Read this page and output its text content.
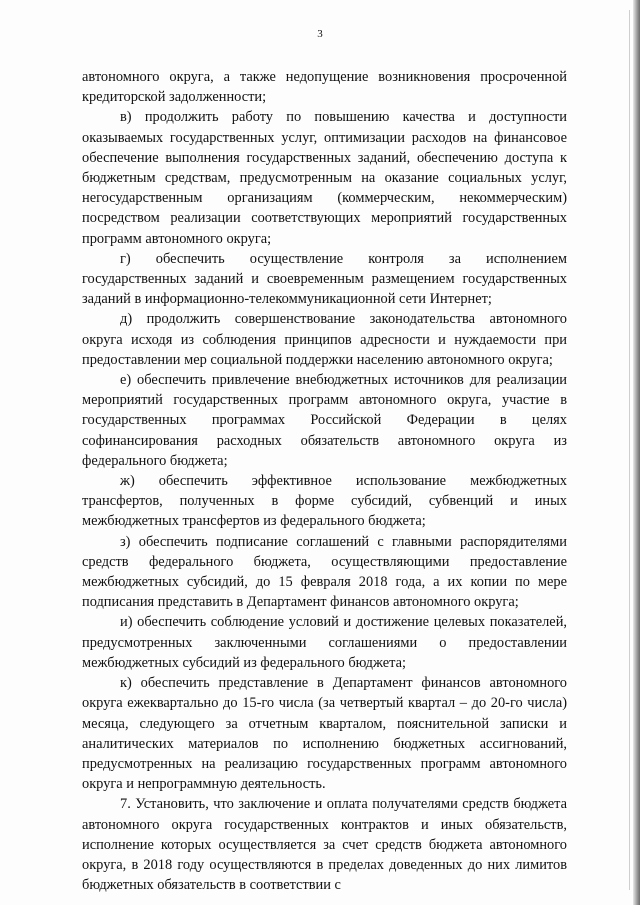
3

автономного округа, а также недопущение возникновения просроченной кредиторской задолженности;

в) продолжить работу по повышению качества и доступности оказываемых государственных услуг, оптимизации расходов на финансовое обеспечение выполнения государственных заданий, обеспечению доступа к бюджетным средствам, предусмотренным на оказание социальных услуг, негосударственным организациям (коммерческим, некоммерческим) посредством реализации соответствующих мероприятий государственных программ автономного округа;

г) обеспечить осуществление контроля за исполнением государственных заданий и своевременным размещением государственных заданий в информационно-телекоммуникационной сети Интернет;

д) продолжить совершенствование законодательства автономного округа исходя из соблюдения принципов адресности и нуждаемости при предоставлении мер социальной поддержки населению автономного округа;

е) обеспечить привлечение внебюджетных источников для реализации мероприятий государственных программ автономного округа, участие в государственных программах Российской Федерации в целях софинансирования расходных обязательств автономного округа из федерального бюджета;

ж) обеспечить эффективное использование межбюджетных трансфертов, полученных в форме субсидий, субвенций и иных межбюджетных трансфертов из федерального бюджета;

з) обеспечить подписание соглашений с главными распорядителями средств федерального бюджета, осуществляющими предоставление межбюджетных субсидий, до 15 февраля 2018 года, а их копии по мере подписания представить в Департамент финансов автономного округа;

и) обеспечить соблюдение условий и достижение целевых показателей, предусмотренных заключенными соглашениями о предоставлении межбюджетных субсидий из федерального бюджета;

к) обеспечить представление в Департамент финансов автономного округа ежеквартально до 15-го числа (за четвертый квартал – до 20-го числа) месяца, следующего за отчетным кварталом, пояснительной записки и аналитических материалов по исполнению бюджетных ассигнований, предусмотренных на реализацию государственных программ автономного округа и непрограммную деятельность.

7. Установить, что заключение и оплата получателями средств бюджета автономного округа государственных контрактов и иных обязательств, исполнение которых осуществляется за счет средств бюджета автономного округа, в 2018 году осуществляются в пределах доведенных до них лимитов бюджетных обязательств в соответствии с
